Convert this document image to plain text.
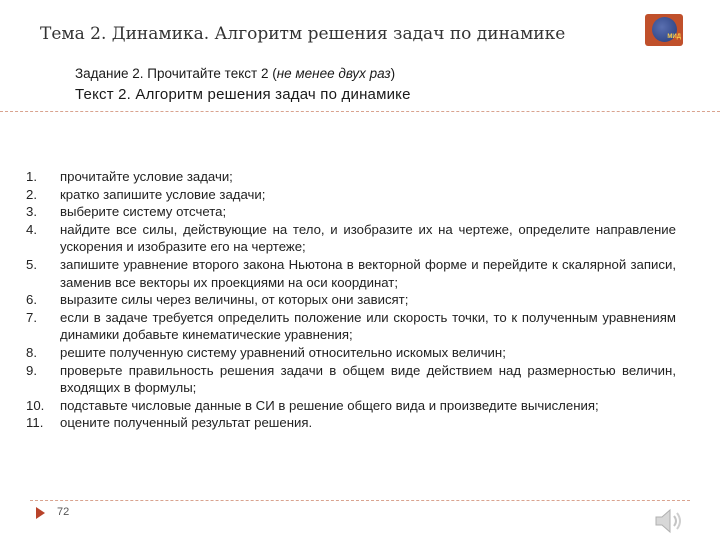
Тема 2. Динамика. Алгоритм решения задач по динамике	МИД
Задание 2. Прочитайте текст 2 (не менее двух раз)
Текст 2. Алгоритм решения задач по динамике
1. прочитайте условие задачи;
2. кратко запишите условие задачи;
3. выберите систему отсчета;
4. найдите все силы, действующие на тело, и изобразите их на чертеже, определите направление ускорения и изобразите его на чертеже;
5. запишите уравнение второго закона Ньютона в векторной форме и перейдите к скалярной записи, заменив все векторы их проекциями на оси координат;
6. выразите силы через величины, от которых они зависят;
7. если в задаче требуется определить положение или скорость точки, то к полученным уравнениям динамики добавьте кинематические уравнения;
8. решите полученную систему уравнений относительно искомых величин;
9. проверьте правильность решения задачи в общем виде действием над размерностью величин, входящих в формулы;
10. подставьте числовые данные в СИ в решение общего вида и произведите вычисления;
11. оцените полученный результат решения.
72
